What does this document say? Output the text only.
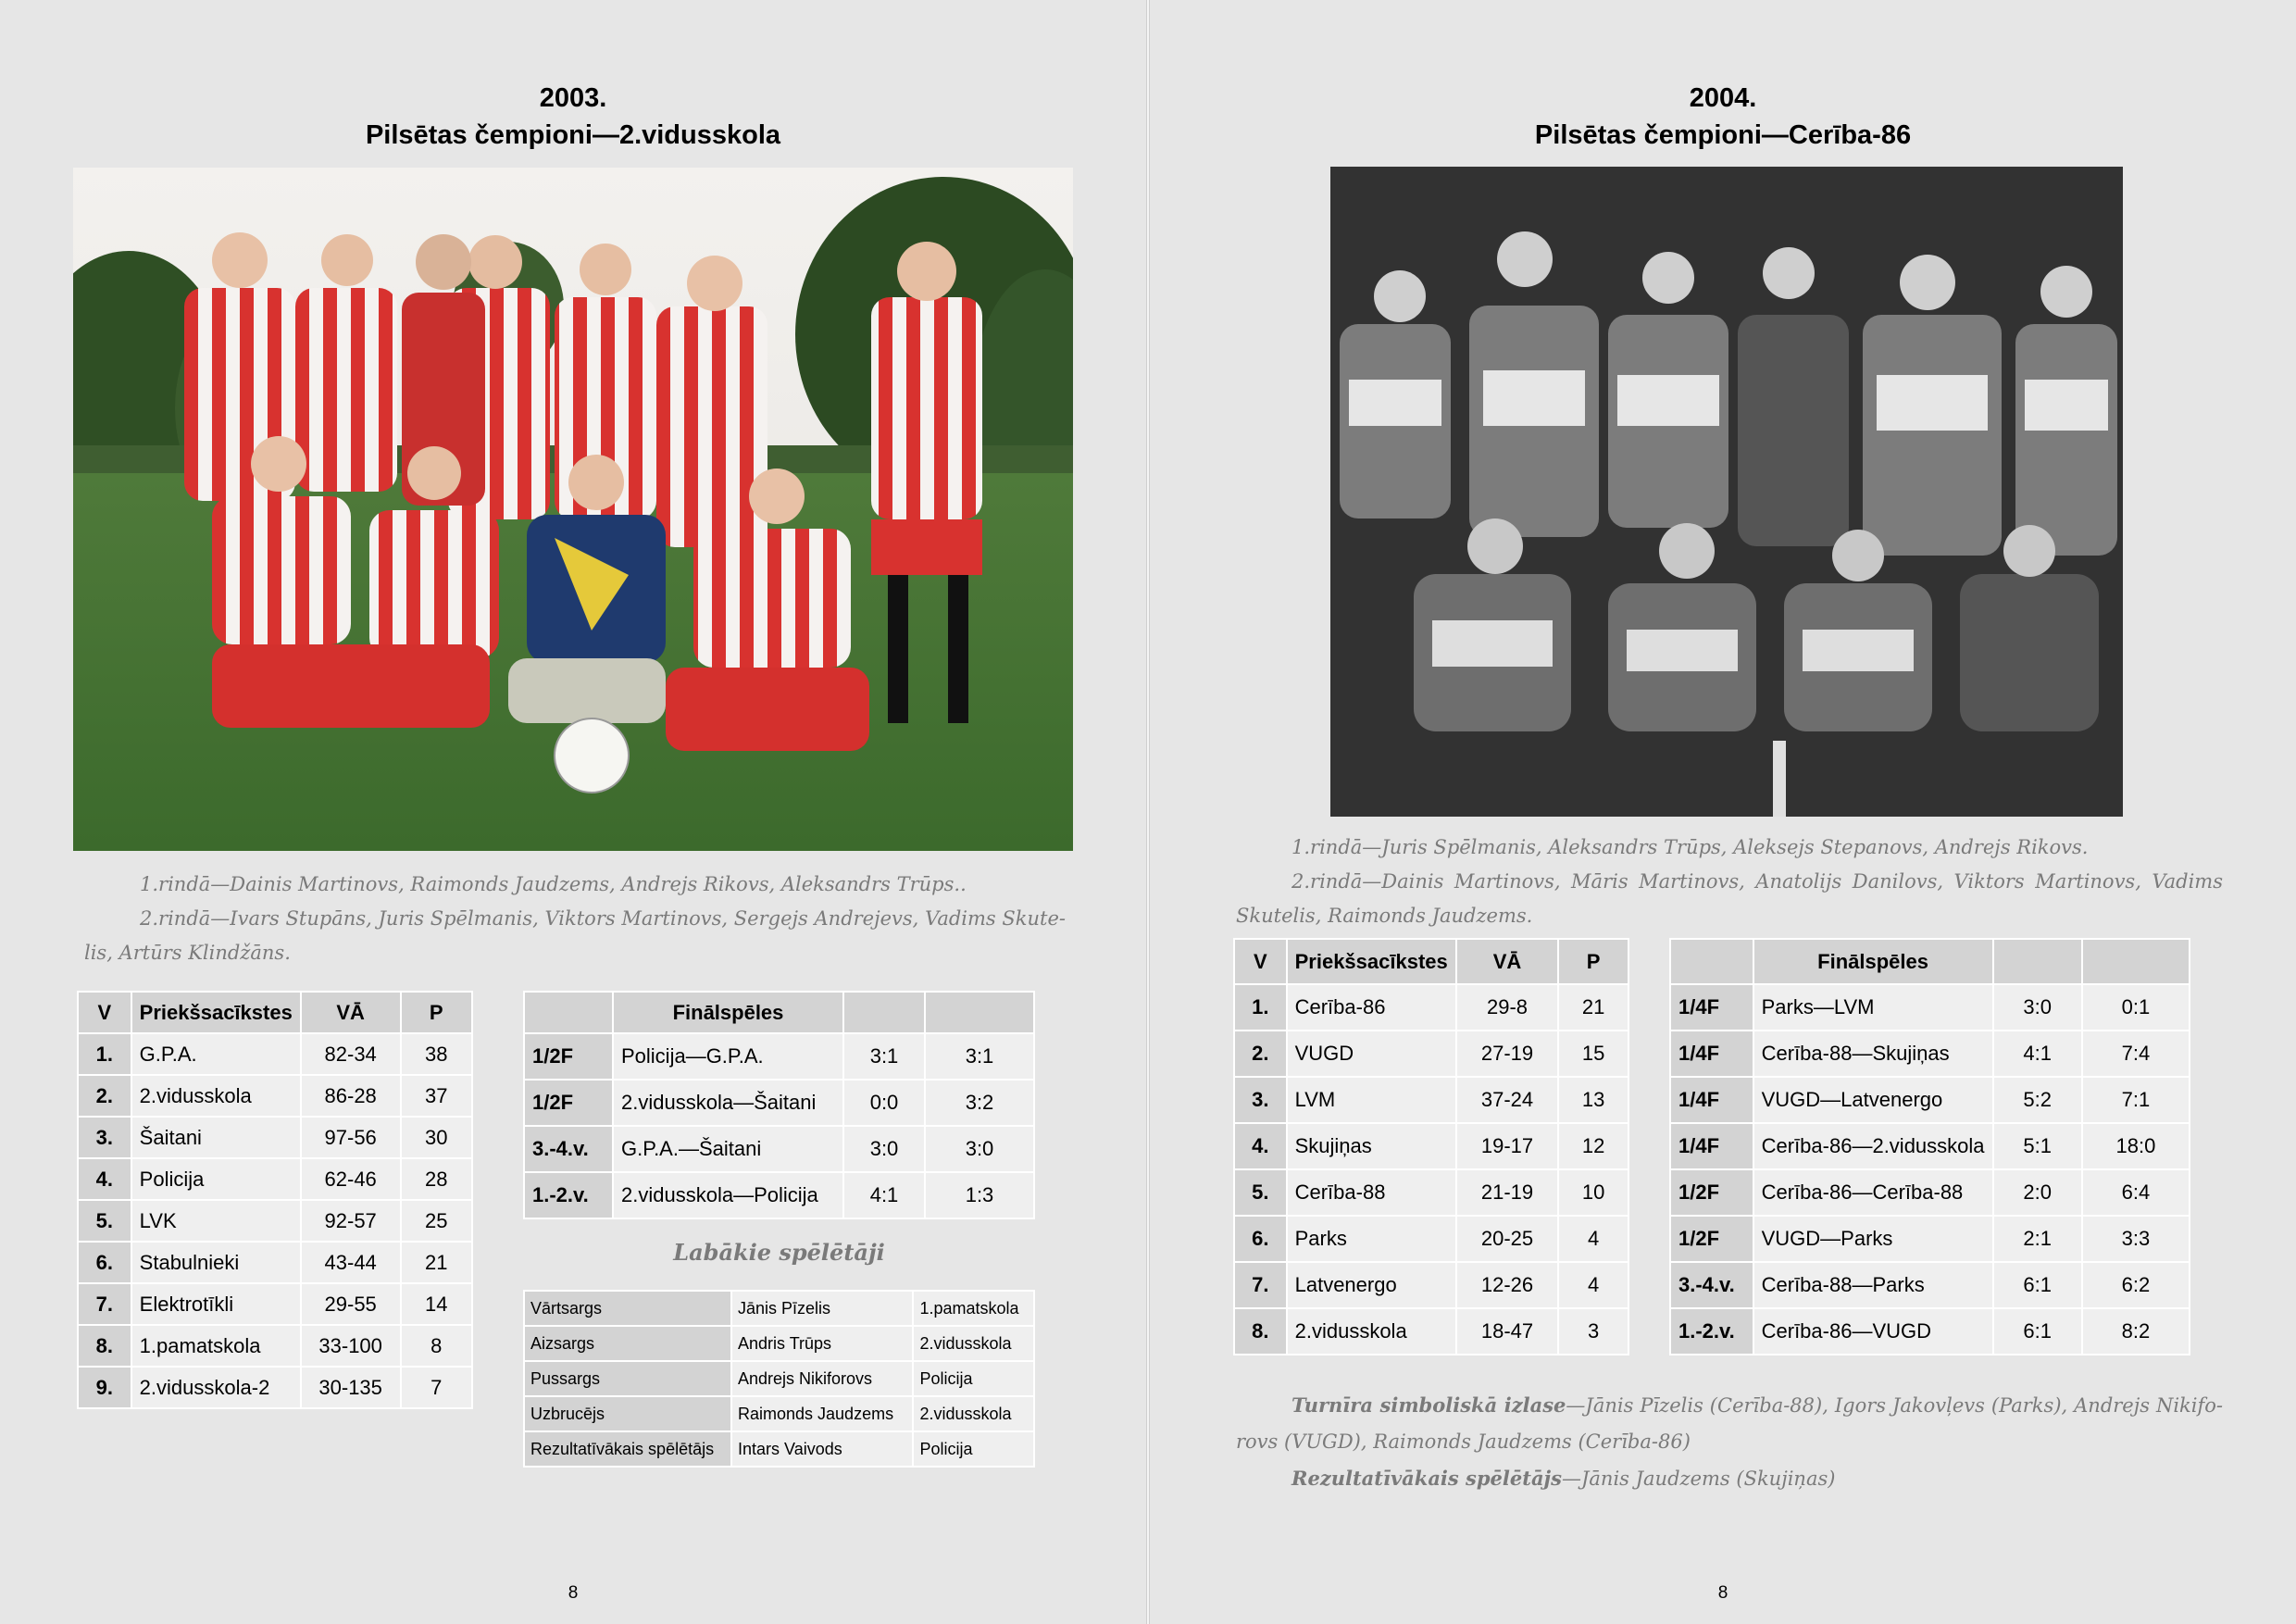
2003.
Pilsētas čempioni—2.vidusskola

1.rindā—Dainis Martinovs, Raimonds Jaudzems, Andrejs Rikovs, Aleksandrs Trūps..

2.rindā—Ivars Stupāns, Juris Spēlmanis, Viktors Martinovs, Sergejs Andrejevs, Vadims Skute-lis, Artūrs Klindžāns.

V	Priekšsacīkstes	VĀ	P
1.	G.P.A.	82-34	38
2.	2.vidusskola	86-28	37
3.	Šaitani	97-56	30
4.	Policija	62-46	28
5.	LVK	92-57	25
6.	Stabulnieki	43-44	21
7.	Elektrotīkli	29-55	14
8.	1.pamatskola	33-100	8
9.	2.vidusskola-2	30-135	7
	Finālspēles		
1/2F	Policija—G.P.A.	3:1	3:1
1/2F	2.vidusskola—Šaitani	0:0	3:2
3.-4.v.	G.P.A.—Šaitani	3:0	3:0
1.-2.v.	2.vidusskola—Policija	4:1	1:3
Labākie spēlētāji
Vārtsargs	Jānis Pīzelis	1.pamatskola
Aizsargs	Andris Trūps	2.vidusskola
Pussargs	Andrejs Nikiforovs	Policija
Uzbrucējs	Raimonds Jaudzems	2.vidusskola
Rezultatīvākais spēlētājs	Intars Vaivods	Policija
8
2004.
Pilsētas čempioni—Cerība-86

1.rindā—Juris Spēlmanis, Aleksandrs Trūps, Aleksejs Stepanovs, Andrejs Rikovs.

2.rindā—Dainis Martinovs, Māris Martinovs, Anatolijs Danilovs, Viktors Martinovs, Vadims Skutelis, Raimonds Jaudzems.

V	Priekšsacīkstes	VĀ	P
1.	Cerība-86	29-8	21
2.	VUGD	27-19	15
3.	LVM	37-24	13
4.	Skujiņas	19-17	12
5.	Cerība-88	21-19	10
6.	Parks	20-25	4
7.	Latvenergo	12-26	4
8.	2.vidusskola	18-47	3
	Finālspēles		
1/4F	Parks—LVM	3:0	0:1
1/4F	Cerība-88—Skujiņas	4:1	7:4
1/4F	VUGD—Latvenergo	5:2	7:1
1/4F	Cerība-86—2.vidusskola	5:1	18:0
1/2F	Cerība-86—Cerība-88	2:0	6:4
1/2F	VUGD—Parks	2:1	3:3
3.-4.v.	Cerība-88—Parks	6:1	6:2
1.-2.v.	Cerība-86—VUGD	6:1	8:2

Turnīra simboliskā izlase—Jānis Pīzelis (Cerība-88), Igors Jakovļevs (Parks), Andrejs Nikifo-rovs (VUGD), Raimonds Jaudzems (Cerība-86)

Rezultatīvākais spēlētājs—Jānis Jaudzems (Skujiņas)

8
